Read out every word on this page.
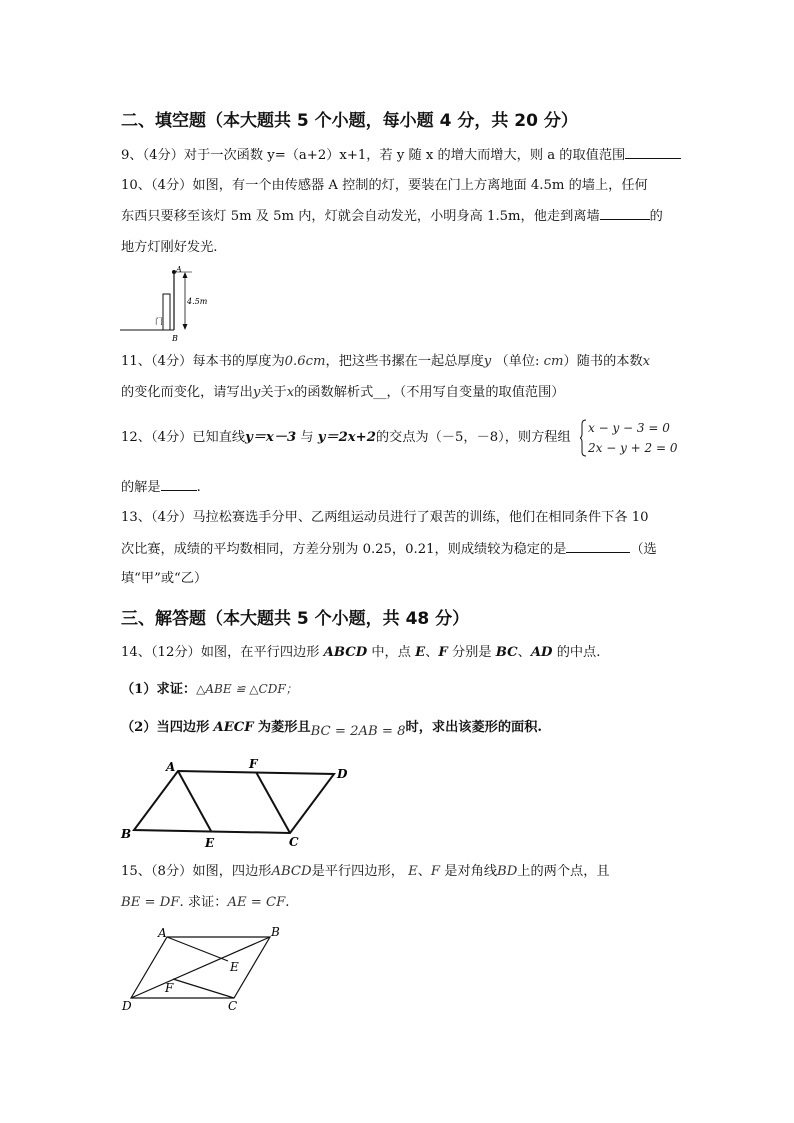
二、填空题（本大题共 5 个小题，每小题 4 分，共 20 分）
9、（4分）对于一次函数 y=（a+2）x+1，若 y 随 x 的增大而增大，则 a 的取值范围
10、（4分）如图，有一个由传感器 A 控制的灯，要装在门上方离地面 4.5m 的墙上，任何
东西只要移至该灯 5m 及 5m 内，灯就会自动发光，小明身高 1.5m，他走到离墙	的
地方灯刚好发光.
A
4.5m
门
B
11、（4分）每本书的厚度为0.6cm，把这些书摞在一起总厚度y （单位: cm）随书的本数x
的变化而变化，请写出y关于x的函数解析式__，（不用写自变量的取值范围）
12、（4分）已知直线y＝x－3 与 y＝2x+2的交点为（－5，－8），则方程组
x − y − 3 = 0
2x − y + 2 = 0
的解是	.
13、（4分）马拉松赛选手分甲、乙两组运动员进行了艰苦的训练，他们在相同条件下各 10
次比赛，成绩的平均数相同，方差分别为 0.25，0.21，则成绩较为稳定的是	（选
填“甲”或“乙）
三、解答题（本大题共 5 个小题，共 48 分）
14、（12分）如图，在平行四边形 ABCD 中，点 E、F 分别是 BC、AD 的中点.
（1）求证：△ABE ≌ △CDF；
（2）当四边形 AECF 为菱形且BC = 2AB = 8时，求出该菱形的面积.
A	F
D
B
E	C
15、（8分）如图，四边形ABCD是平行四边形， E、F 是对角线BD上的两个点，且
BE = DF. 求证：AE = CF.
A	B
E
F
D	C
